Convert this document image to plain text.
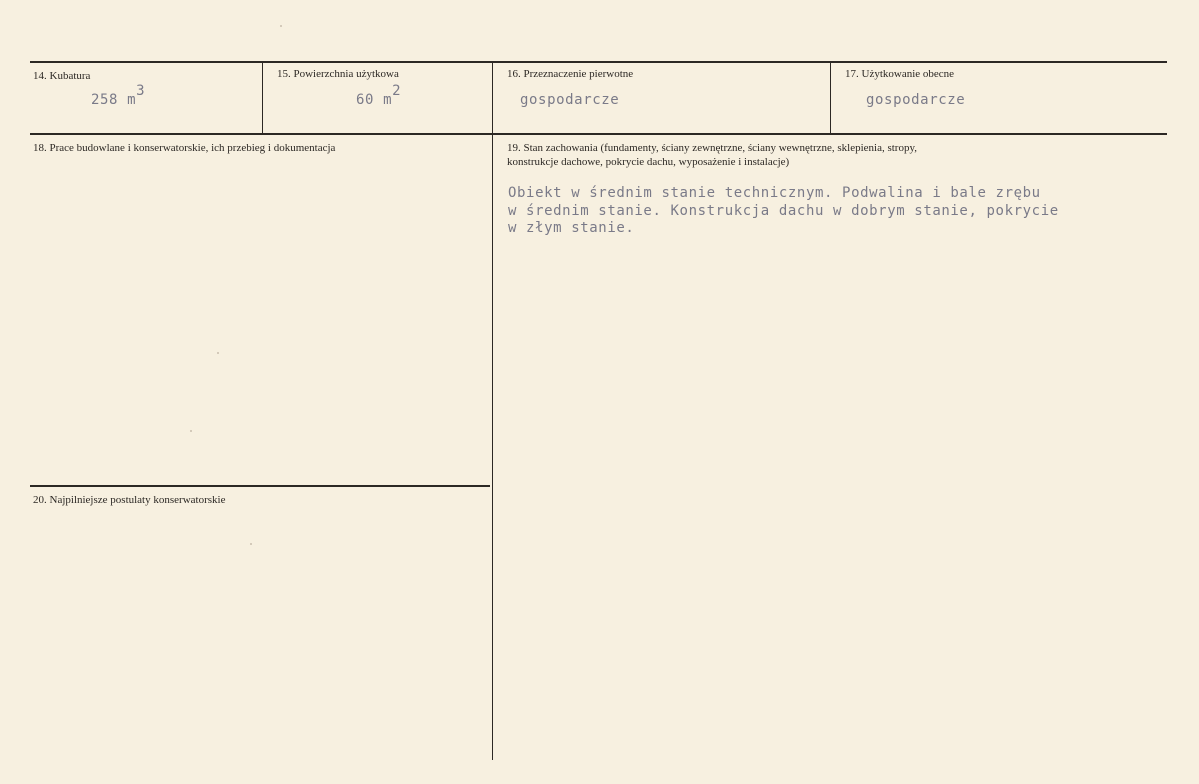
14. Kubatura
258 m3
15. Powierzchnia użytkowa
60 m2
16. Przeznaczenie pierwotne
gospodarcze
17. Użytkowanie obecne
gospodarcze
18. Prace budowlane i konserwatorskie, ich przebieg i dokumentacja	19. Stan zachowania (fundamenty, ściany zewnętrzne, ściany wewnętrzne, sklepienia, stropy,
konstrukcje dachowe, pokrycie dachu, wyposażenie i instalacje)
Obiekt w średnim stanie technicznym. Podwalina i bale zrębu
w średnim stanie. Konstrukcja dachu w dobrym stanie, pokrycie
w złym stanie.
20. Najpilniejsze postulaty konserwatorskie
